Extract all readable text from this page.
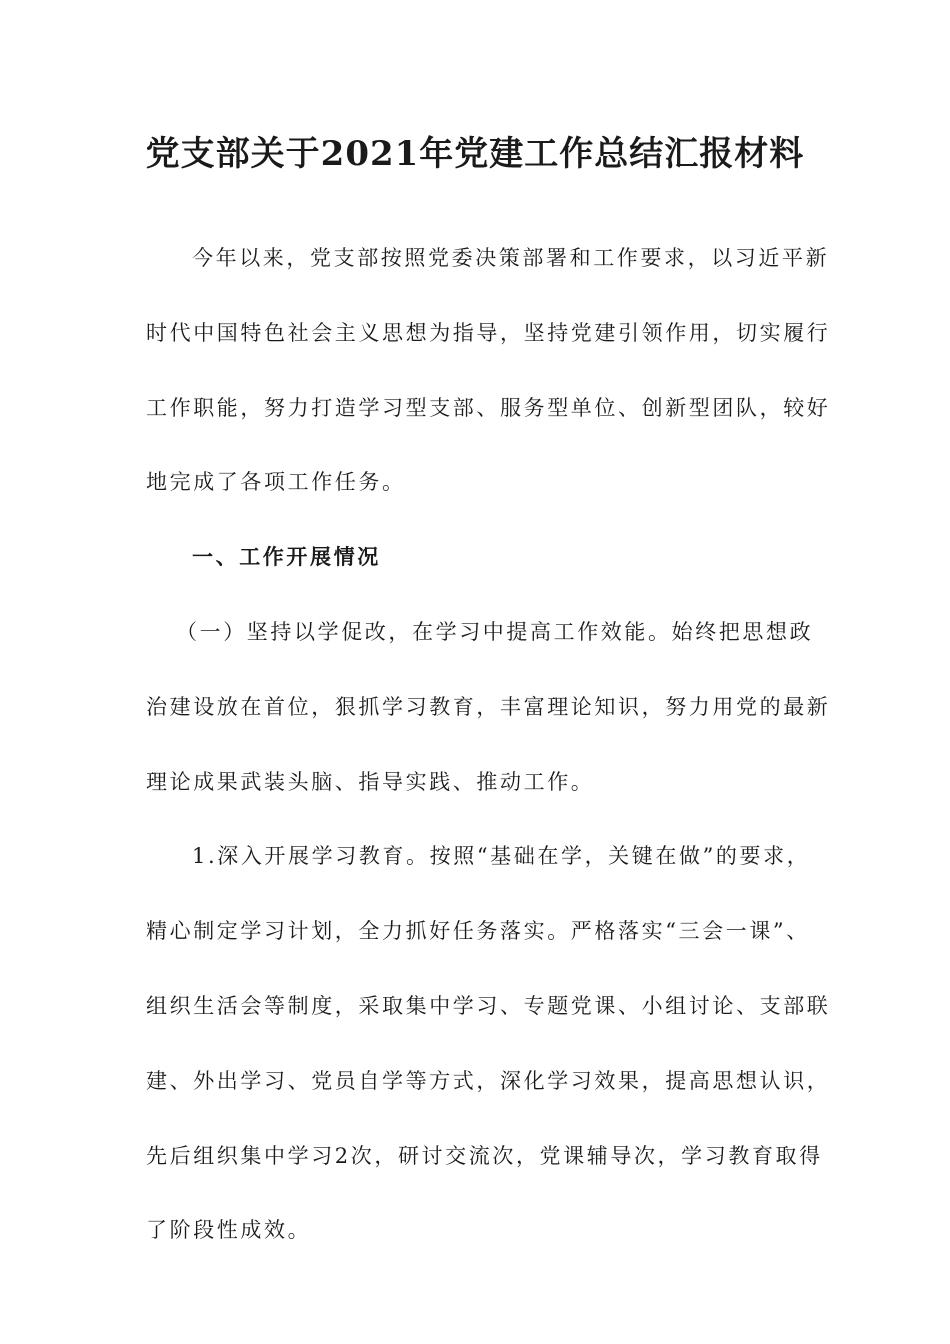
党支部关于2021年党建工作总结汇报材料
今年以来，党支部按照党委决策部署和工作要求，以习近平新
时代中国特色社会主义思想为指导，坚持党建引领作用，切实履行
工作职能，努力打造学习型支部、服务型单位、创新型团队，较好
地完成了各项工作任务。
一、工作开展情况
（一）坚持以学促改，在学习中提高工作效能。始终把思想政
治建设放在首位，狠抓学习教育，丰富理论知识，努力用党的最新
理论成果武装头脑、指导实践、推动工作。
1.深入开展学习教育。按照“基础在学，关键在做”的要求，
精心制定学习计划，全力抓好任务落实。严格落实“三会一课”、
组织生活会等制度，采取集中学习、专题党课、小组讨论、支部联
建、外出学习、党员自学等方式，深化学习效果，提高思想认识，
先后组织集中学习2次，研讨交流次，党课辅导次，学习教育取得
了阶段性成效。
